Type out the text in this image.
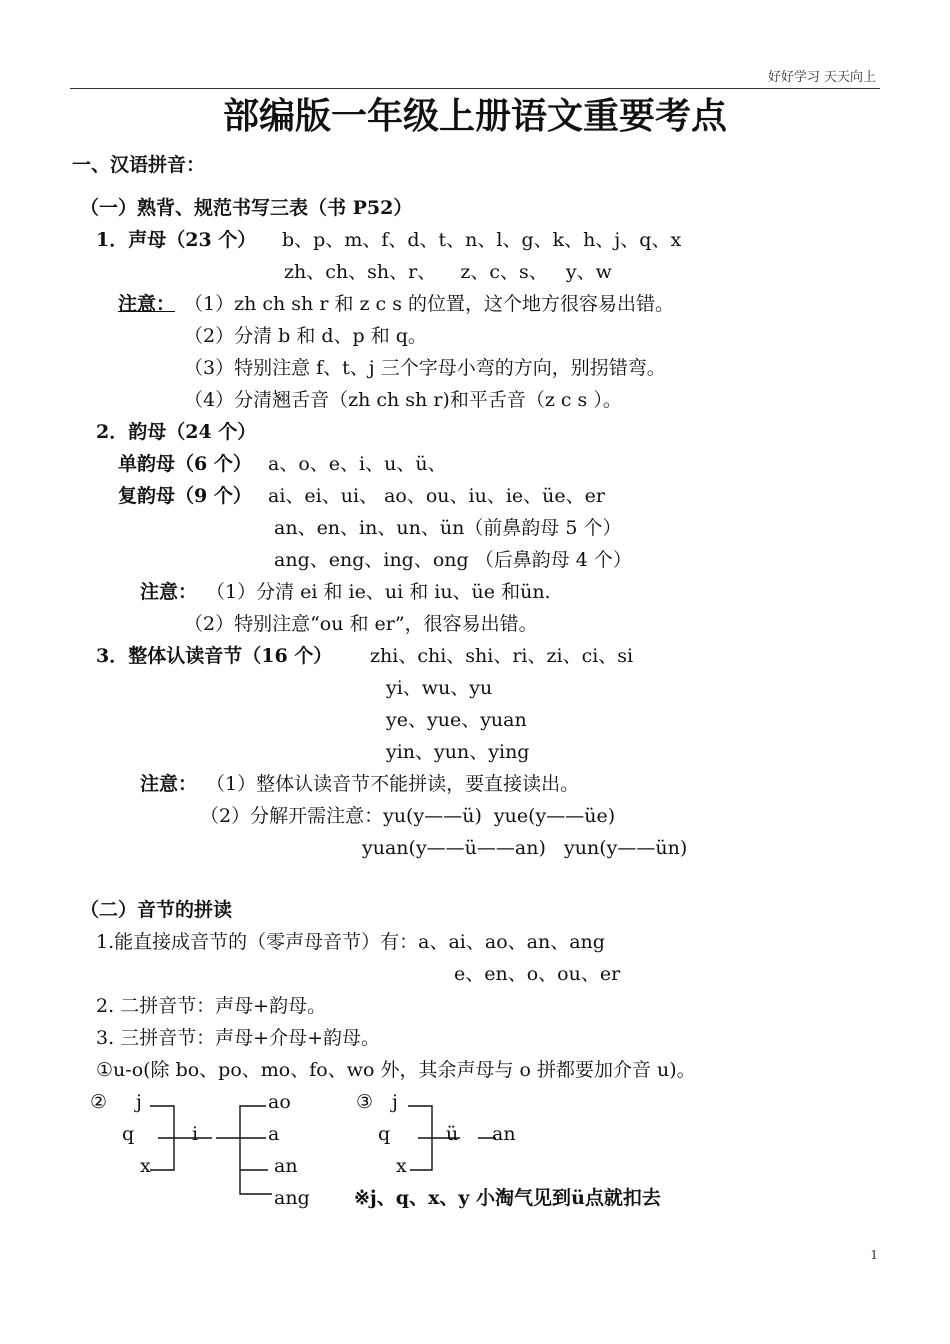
好好学习 天天向上
部编版一年级上册语文重要考点
一、汉语拼音：
（一）熟背、规范书写三表（书 P52）
1．声母（23 个） b、p、m、f、d、t、n、l、g、k、h、j、q、x
zh、ch、sh、r、    z、c、s、   y、w
注意： （1）zh ch sh r 和 z c s 的位置，这个地方很容易出错。
（2）分清 b 和 d、p 和 q。
（3）特别注意 f、t、j 三个字母小弯的方向，别拐错弯。
（4）分清翘舌音（zh ch sh r)和平舌音（z c s ）。
2．韵母（24 个）
单韵母（6 个） a、o、e、i、u、ü、
复韵母（9 个） ai、ei、ui、 ao、ou、iu、ie、üe、er
an、en、in、un、ün（前鼻韵母 5 个）
ang、eng、ing、ong （后鼻韵母 4 个）
注意： （1）分清 ei 和 ie、ui 和 iu、üe 和ün.
（2）特别注意“ou 和 er”，很容易出错。
3．整体认读音节（16 个） zhi、chi、shi、ri、zi、ci、si
yi、wu、yu
ye、yue、yuan
yin、yun、ying
注意： （1）整体认读音节不能拼读，要直接读出。
（2）分解开需注意：yu(y——ü)  yue(y——üe)
yuan(y——ü——an)   yun(y——ün)
（二）音节的拼读
1.能直接成音节的（零声母音节）有：a、ai、ao、an、ang
e、en、o、ou、er
2. 二拼音节：声母+韵母。
3. 三拼音节：声母+介母+韵母。
①u-o(除 bo、po、mo、fo、wo 外，其余声母与 o 拼都要加介音 u)。
② j
q
x
i
ao
a
an
ang
③ j
q
x
ü an
※j、q、x、y 小淘气见到ü点就扣去
1
